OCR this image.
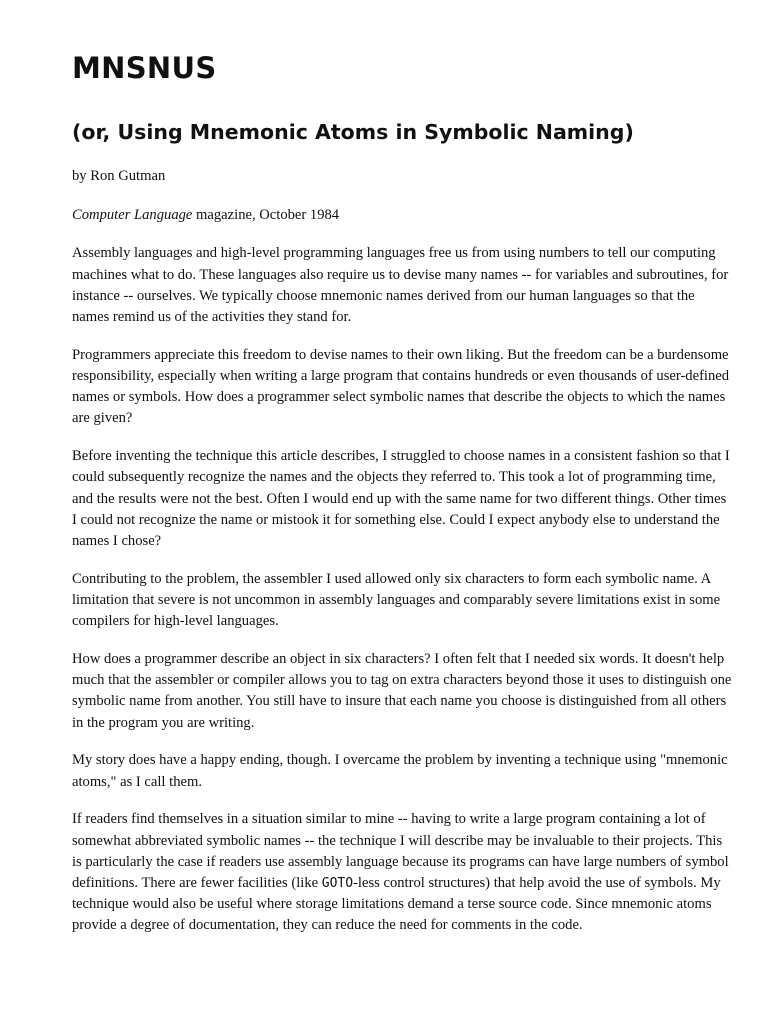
MNSNUS
(or, Using Mnemonic Atoms in Symbolic Naming)

by Ron Gutman

Computer Language magazine, October 1984

Assembly languages and high-level programming languages free us from using numbers to tell our computing machines what to do. These languages also require us to devise many names -- for variables and subroutines, for instance -- ourselves. We typically choose mnemonic names derived from our human languages so that the names remind us of the activities they stand for.

Programmers appreciate this freedom to devise names to their own liking. But the freedom can be a burdensome responsibility, especially when writing a large program that contains hundreds or even thousands of user-defined names or symbols. How does a programmer select symbolic names that describe the objects to which the names are given?

Before inventing the technique this article describes, I struggled to choose names in a consistent fashion so that I could subsequently recognize the names and the objects they referred to. This took a lot of programming time, and the results were not the best. Often I would end up with the same name for two different things. Other times I could not recognize the name or mistook it for something else. Could I expect anybody else to understand the names I chose?

Contributing to the problem, the assembler I used allowed only six characters to form each symbolic name. A limitation that severe is not uncommon in assembly languages and comparably severe limitations exist in some compilers for high-level languages.

How does a programmer describe an object in six characters? I often felt that I needed six words. It doesn't help much that the assembler or compiler allows you to tag on extra characters beyond those it uses to distinguish one symbolic name from another. You still have to insure that each name you choose is distinguished from all others in the program you are writing.

My story does have a happy ending, though. I overcame the problem by inventing a technique using "mnemonic atoms," as I call them.

If readers find themselves in a situation similar to mine -- having to write a large program containing a lot of somewhat abbreviated symbolic names -- the technique I will describe may be invaluable to their projects. This is particularly the case if readers use assembly language because its programs can have large numbers of symbol definitions. There are fewer facilities (like GOTO-less control structures) that help avoid the use of symbols. My technique would also be useful where storage limitations demand a terse source code. Since mnemonic atoms provide a degree of documentation, they can reduce the need for comments in the code.
